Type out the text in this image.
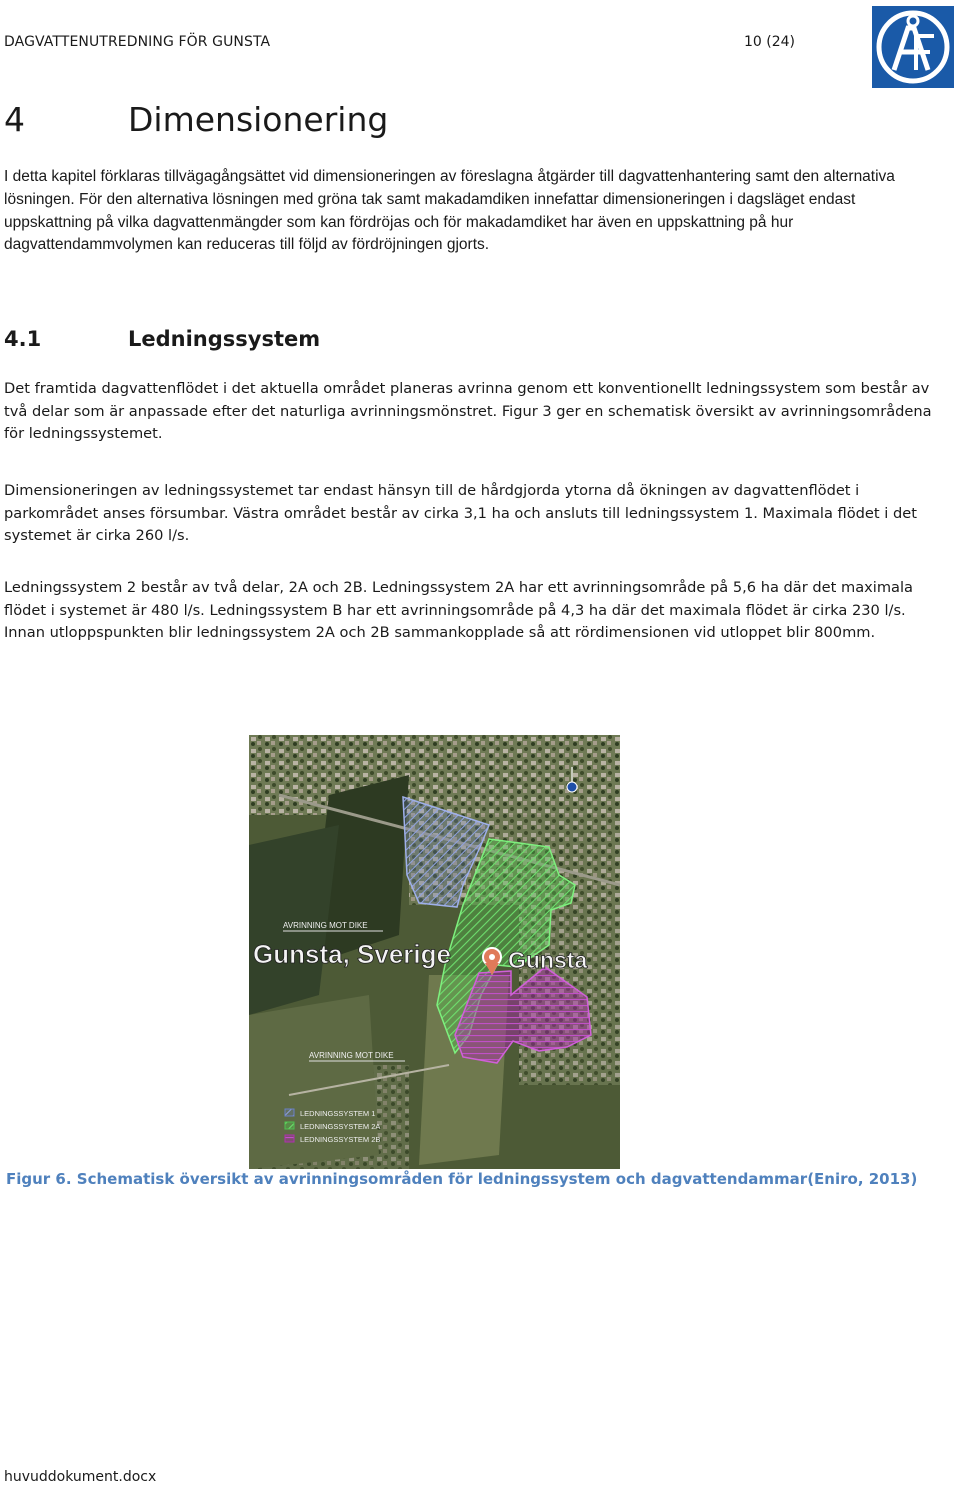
DAGVATTENUTREDNING FÖR GUNSTA	10 (24)
4	Dimensionering

I detta kapitel förklaras tillvägagångsättet vid dimensioneringen av föreslagna åtgärder till dagvattenhantering samt den alternativa lösningen. För den alternativa lösningen med gröna tak samt makadamdiken innefattar dimensioneringen i dagsläget endast uppskattning på vilka dagvattenmängder som kan fördröjas och för makadamdiket har även en uppskattning på hur dagvattendammvolymen kan reduceras till följd av fördröjningen gjorts.

4.1	Ledningssystem

Det framtida dagvattenflödet i det aktuella området planeras avrinna genom ett konventionellt ledningssystem som består av två delar som är anpassade efter det naturliga avrinningsmönstret. Figur 3 ger en schematisk översikt av avrinningsområdena för ledningssystemet.

Dimensioneringen av ledningssystemet tar endast hänsyn till de hårdgjorda ytorna då ökningen av dagvattenflödet i parkområdet anses försumbar. Västra området består av cirka 3,1 ha och ansluts till ledningssystem 1. Maximala flödet i det systemet är cirka 260 l/s.

Ledningssystem 2 består av två delar, 2A och 2B. Ledningssystem 2A har ett avrinningsområde på 5,6 ha där det maximala flödet i systemet är 480 l/s. Ledningssystem B har ett avrinningsområde på 4,3 ha där det maximala flödet är cirka 230 l/s. Innan utloppspunkten blir ledningssystem 2A och 2B sammankopplade så att rördimensionen vid utloppet blir 800mm.

AVRINNING MOT DIKE
Gunsta, Sverige Gunsta
AVRINNING MOT DIKE
LEDNINGSSYSTEM 1
LEDNINGSSYSTEM 2A
LEDNINGSSYSTEM 2B
Figur 6. Schematisk översikt av avrinningsområden för ledningssystem och dagvattendammar(Eniro, 2013)
huvuddokument.docx
